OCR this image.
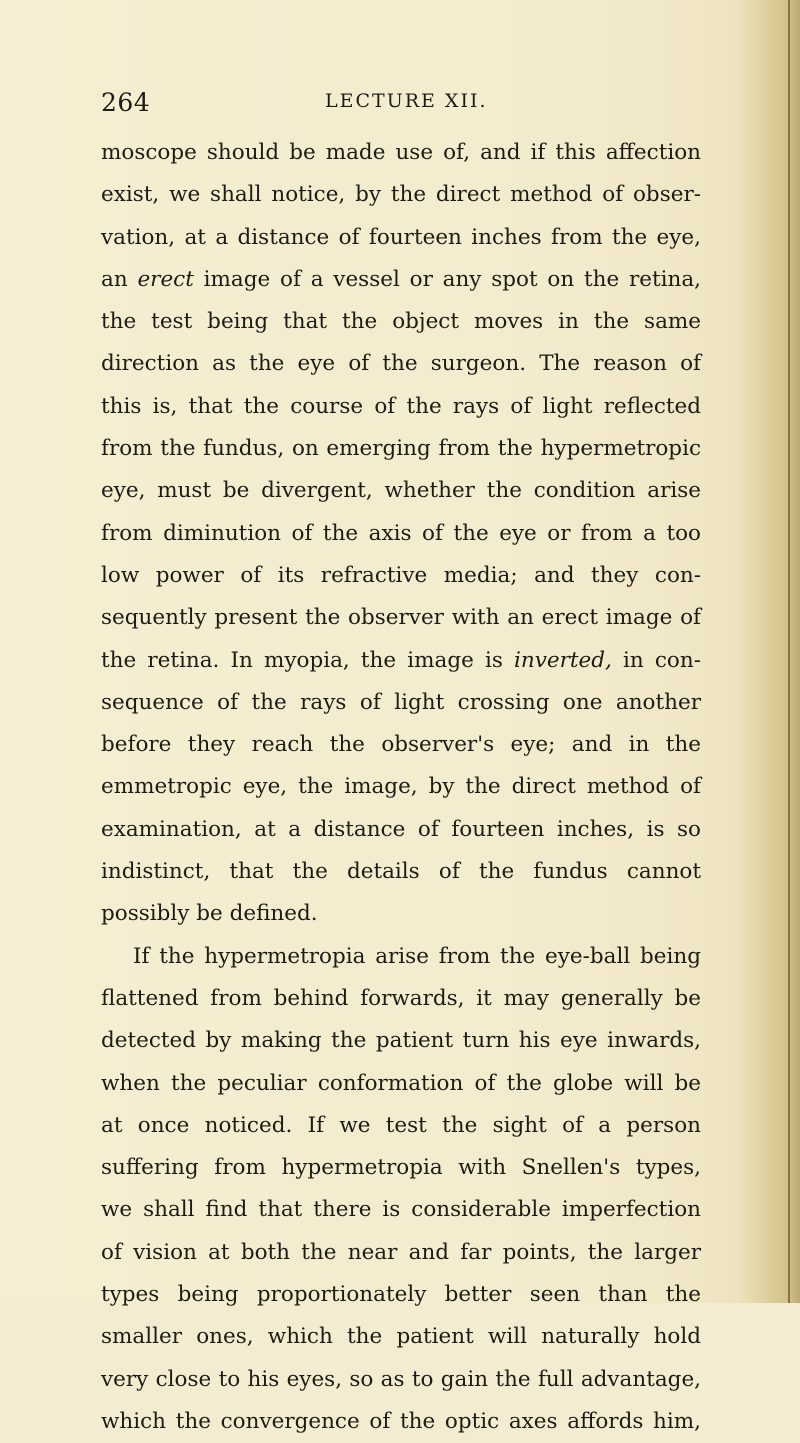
264	LECTURE XII.
moscope should be made use of, and if this affection
exist, we shall notice, by the direct method of obser-
vation, at a distance of fourteen inches from the eye,
an erect image of a vessel or any spot on the retina,
the test being that the object moves in the same
direction as the eye of the surgeon. The reason of
this is, that the course of the rays of light reflected
from the fundus, on emerging from the hypermetropic
eye, must be divergent, whether the condition arise
from diminution of the axis of the eye or from a too
low power of its refractive media; and they con-
sequently present the observer with an erect image of
the retina. In myopia, the image is inverted, in con-
sequence of the rays of light crossing one another
before they reach the observer's eye; and in the
emmetropic eye, the image, by the direct method of
examination, at a distance of fourteen inches, is so
indistinct, that the details of the fundus cannot
possibly be defined.
If the hypermetropia arise from the eye-ball being
flattened from behind forwards, it may generally be
detected by making the patient turn his eye inwards,
when the peculiar conformation of the globe will be
at once noticed. If we test the sight of a person
suffering from hypermetropia with Snellen's types,
we shall find that there is considerable imperfection
of vision at both the near and far points, the larger
types being proportionately better seen than the
smaller ones, which the patient will naturally hold
very close to his eyes, so as to gain the full advantage,
which the convergence of the optic axes affords him,
